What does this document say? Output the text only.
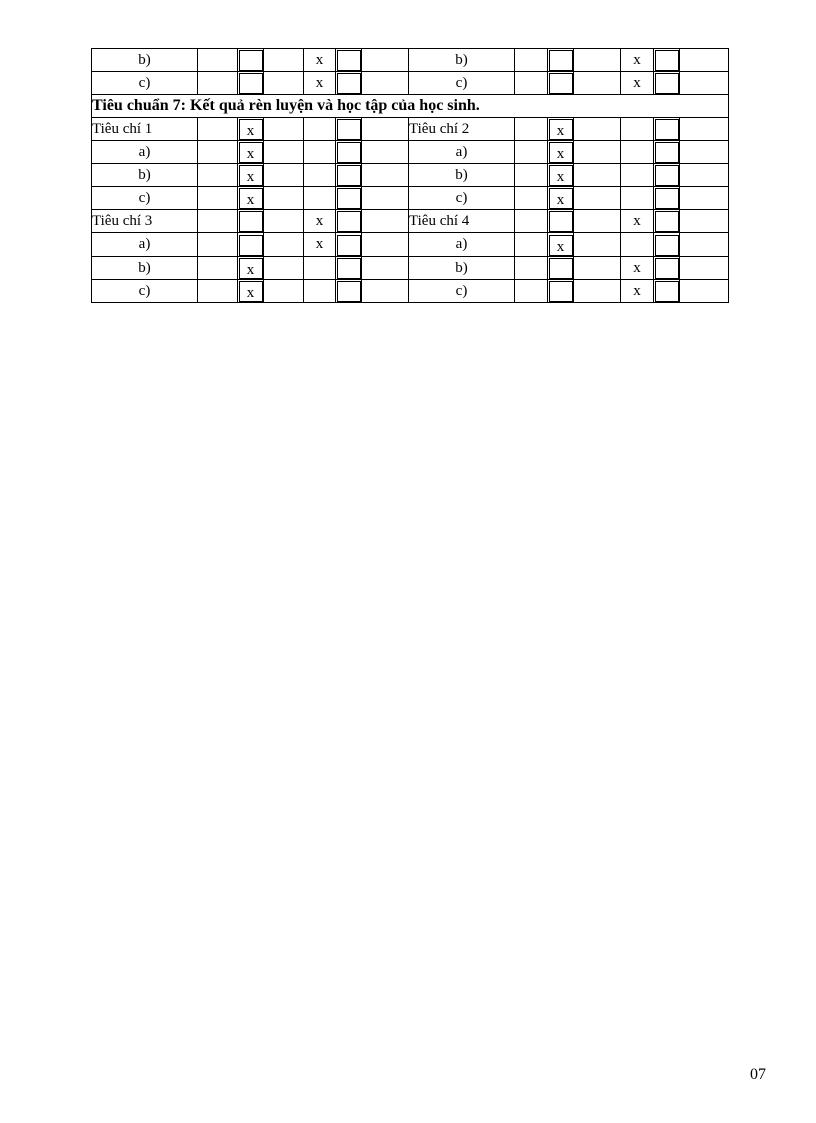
b)				x			b)				x		
c)				x			c)				x		
Tiêu chuẩn 7: Kết quả rèn luyện và học tập của học sinh.													
Tiêu chí 1		x					Tiêu chí 2		x				
a)		x					a)		x				
b)		x					b)		x				
c)		x					c)		x				
Tiêu chí 3				x			Tiêu chí 4				x		
a)				x			a)		x				
b)		x					b)				x		
c)		x					c)				x		
07
